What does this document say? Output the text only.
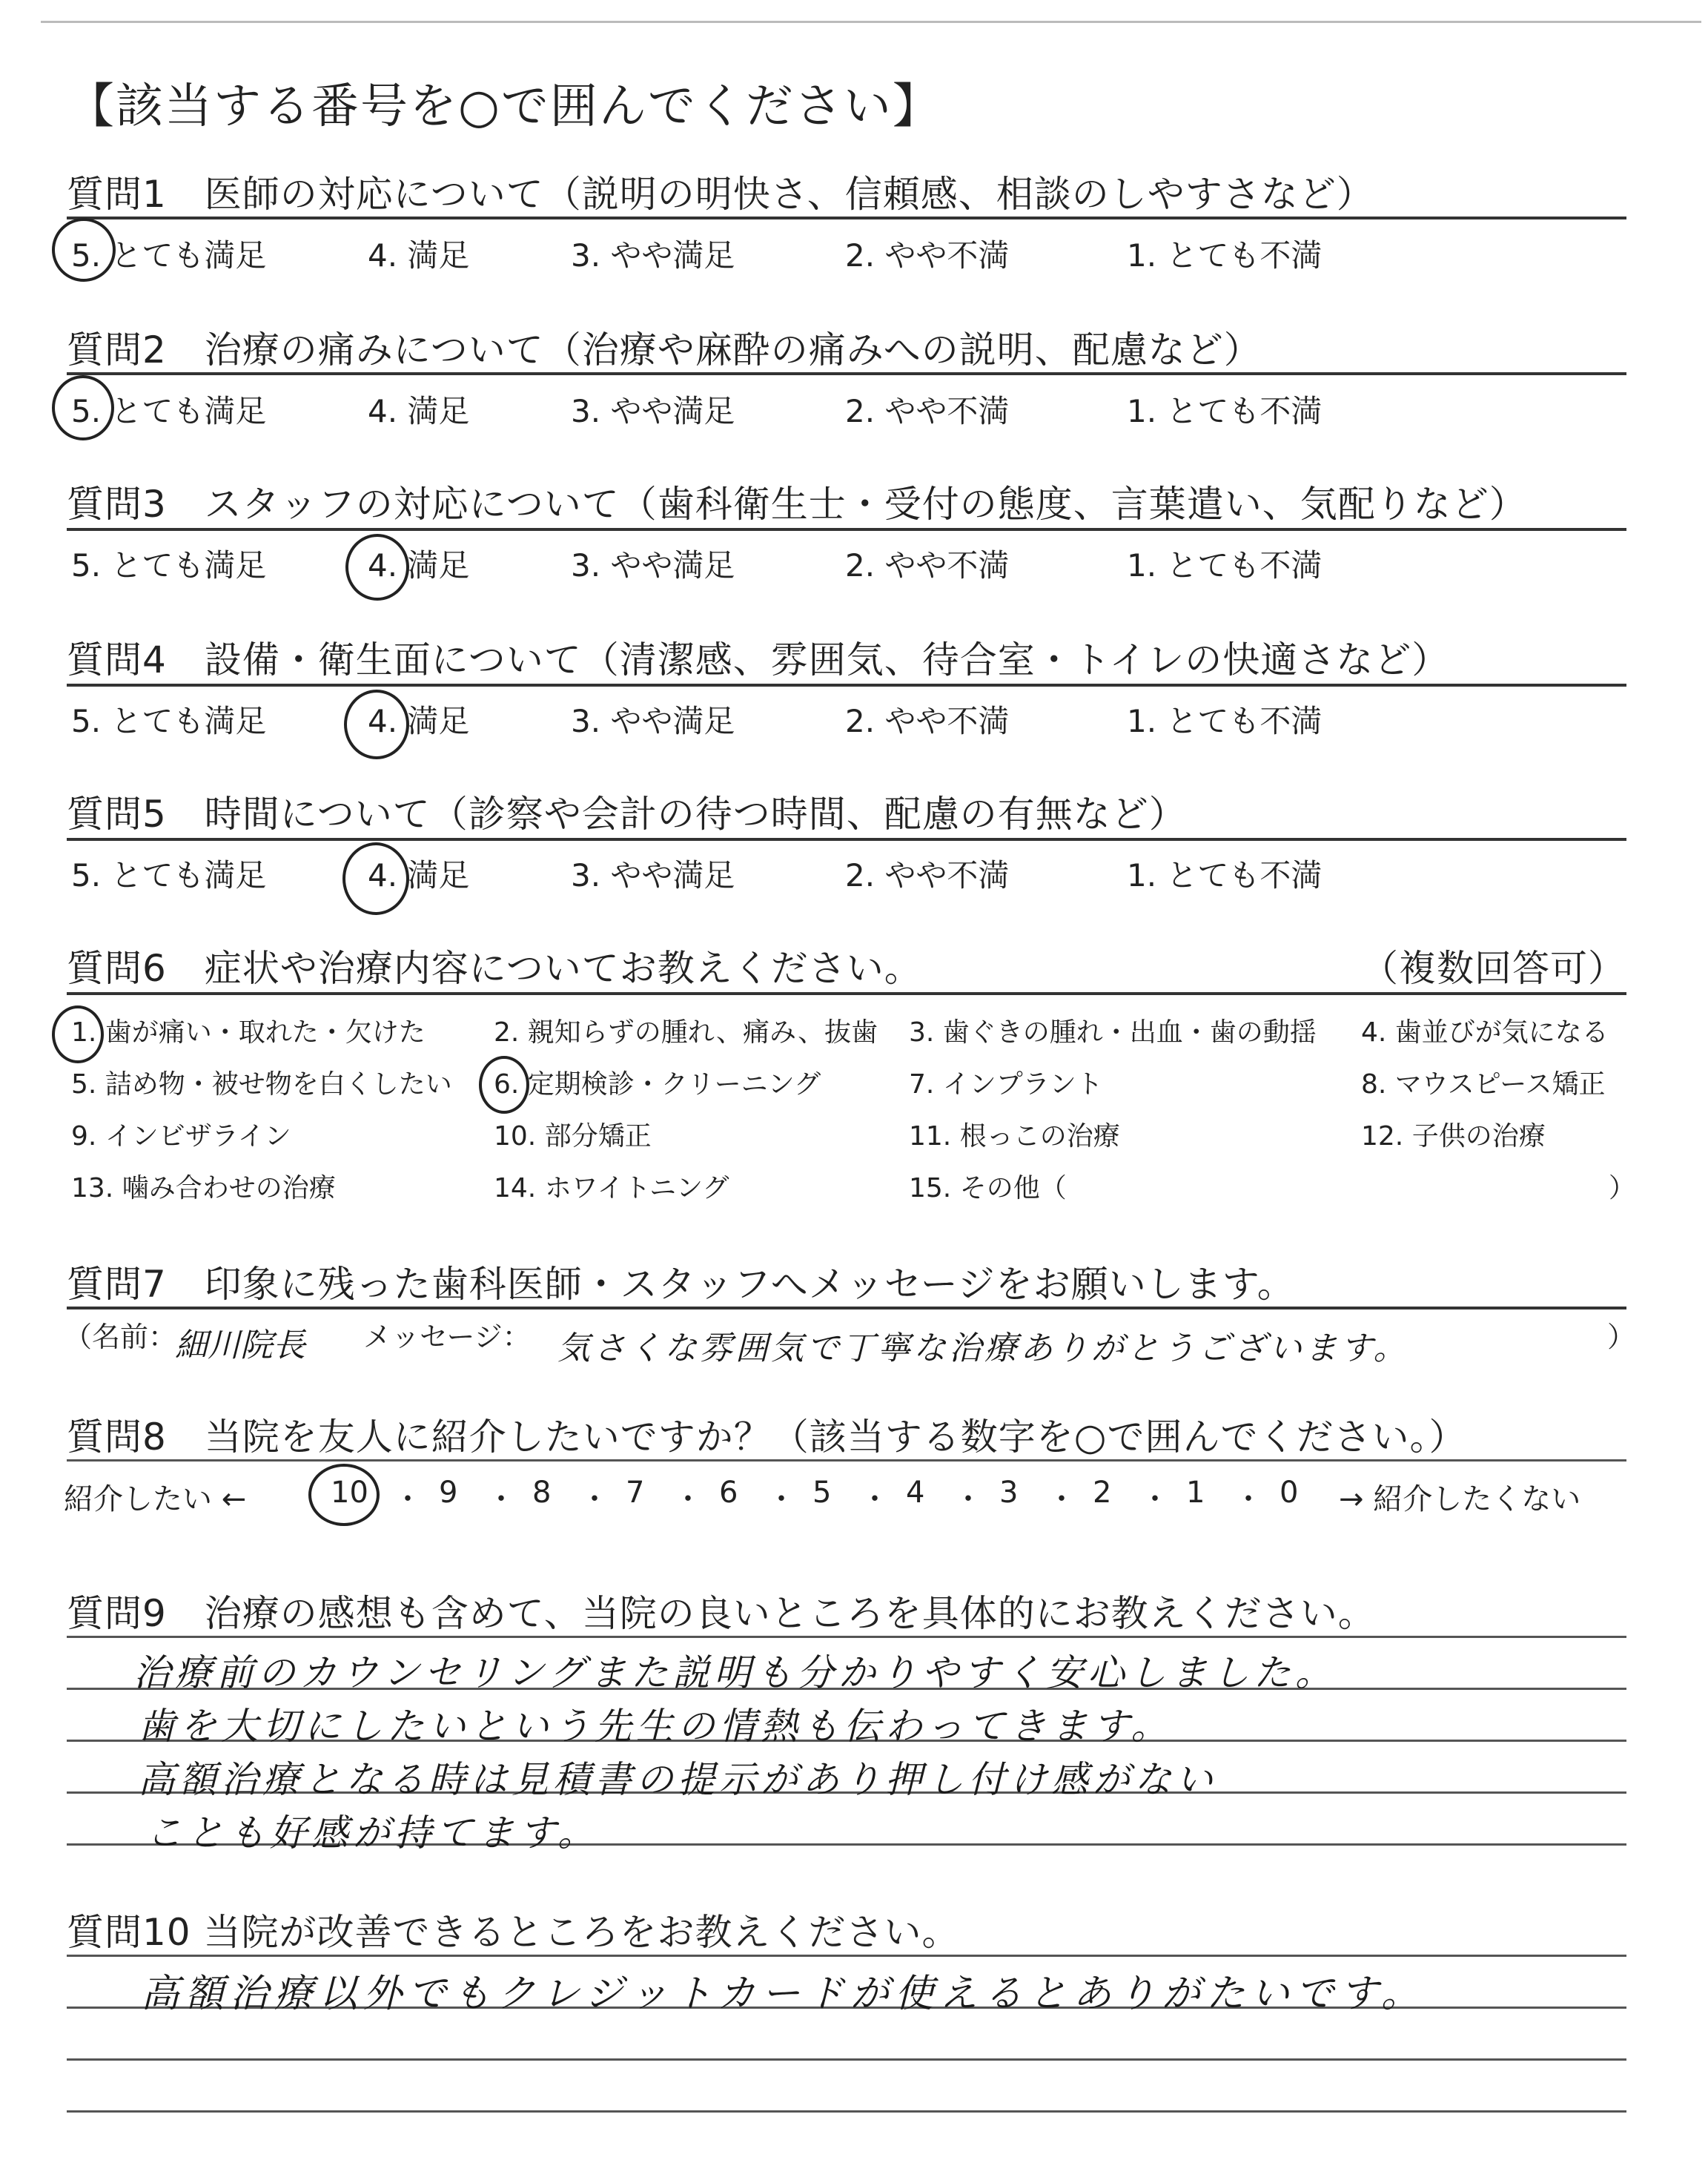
【該当する番号を○で囲んでください】
質問1　医師の対応について（説明の明快さ、信頼感、相談のしやすさなど）
5. とても満足	4. 満足	3. やや満足	2. やや不満	1. とても不満
質問2　治療の痛みについて（治療や麻酔の痛みへの説明、配慮など）
5. とても満足	4. 満足	3. やや満足	2. やや不満	1. とても不満
質問3　スタッフの対応について（歯科衛生士・受付の態度、言葉遣い、気配りなど）
5. とても満足	4. 満足	3. やや満足	2. やや不満	1. とても不満
質問4　設備・衛生面について（清潔感、雰囲気、待合室・トイレの快適さなど）
5. とても満足	4. 満足	3. やや満足	2. やや不満	1. とても不満
質問5　時間について（診察や会計の待つ時間、配慮の有無など）
5. とても満足	4. 満足	3. やや満足	2. やや不満	1. とても不満
質問6　症状や治療内容についてお教えください。	（複数回答可）
1. 歯が痛い・取れた・欠けた	2. 親知らずの腫れ、痛み、抜歯 3. 歯ぐきの腫れ・出血・歯の動揺 4. 歯並びが気になる
5. 詰め物・被せ物を白くしたい 6. 定期検診・クリーニング	7. インプラント	8. マウスピース矯正
9. インビザライン	10. 部分矯正	11. 根っこの治療	12. 子供の治療
13. 噛み合わせの治療	14. ホワイトニング	15. その他（	）
質問7　印象に残った歯科医師・スタッフへメッセージをお願いします。
（名前：
細川院長 メッセージ： 気さくな雰囲気で丁寧な治療ありがとうございます。	）
質問8　当院を友人に紹介したいですか？（該当する数字を○で囲んでください。）
紹介したい ←	10 ・ 9 ・ 8 ・ 7 ・ 6 ・ 5 ・ 4 ・ 3 ・ 2 ・ 1 ・ 0 → 紹介したくない
質問9　治療の感想も含めて、当院の良いところを具体的にお教えください。
治療前のカウンセリングまた説明も分かりやすく安心しました。
歯を大切にしたいという先生の情熱も伝わってきます。
高額治療となる時は見積書の提示があり押し付け感がない
ことも好感が持てます。
質問10 当院が改善できるところをお教えください。
高額治療以外でもクレジットカードが使えるとありがたいです。
